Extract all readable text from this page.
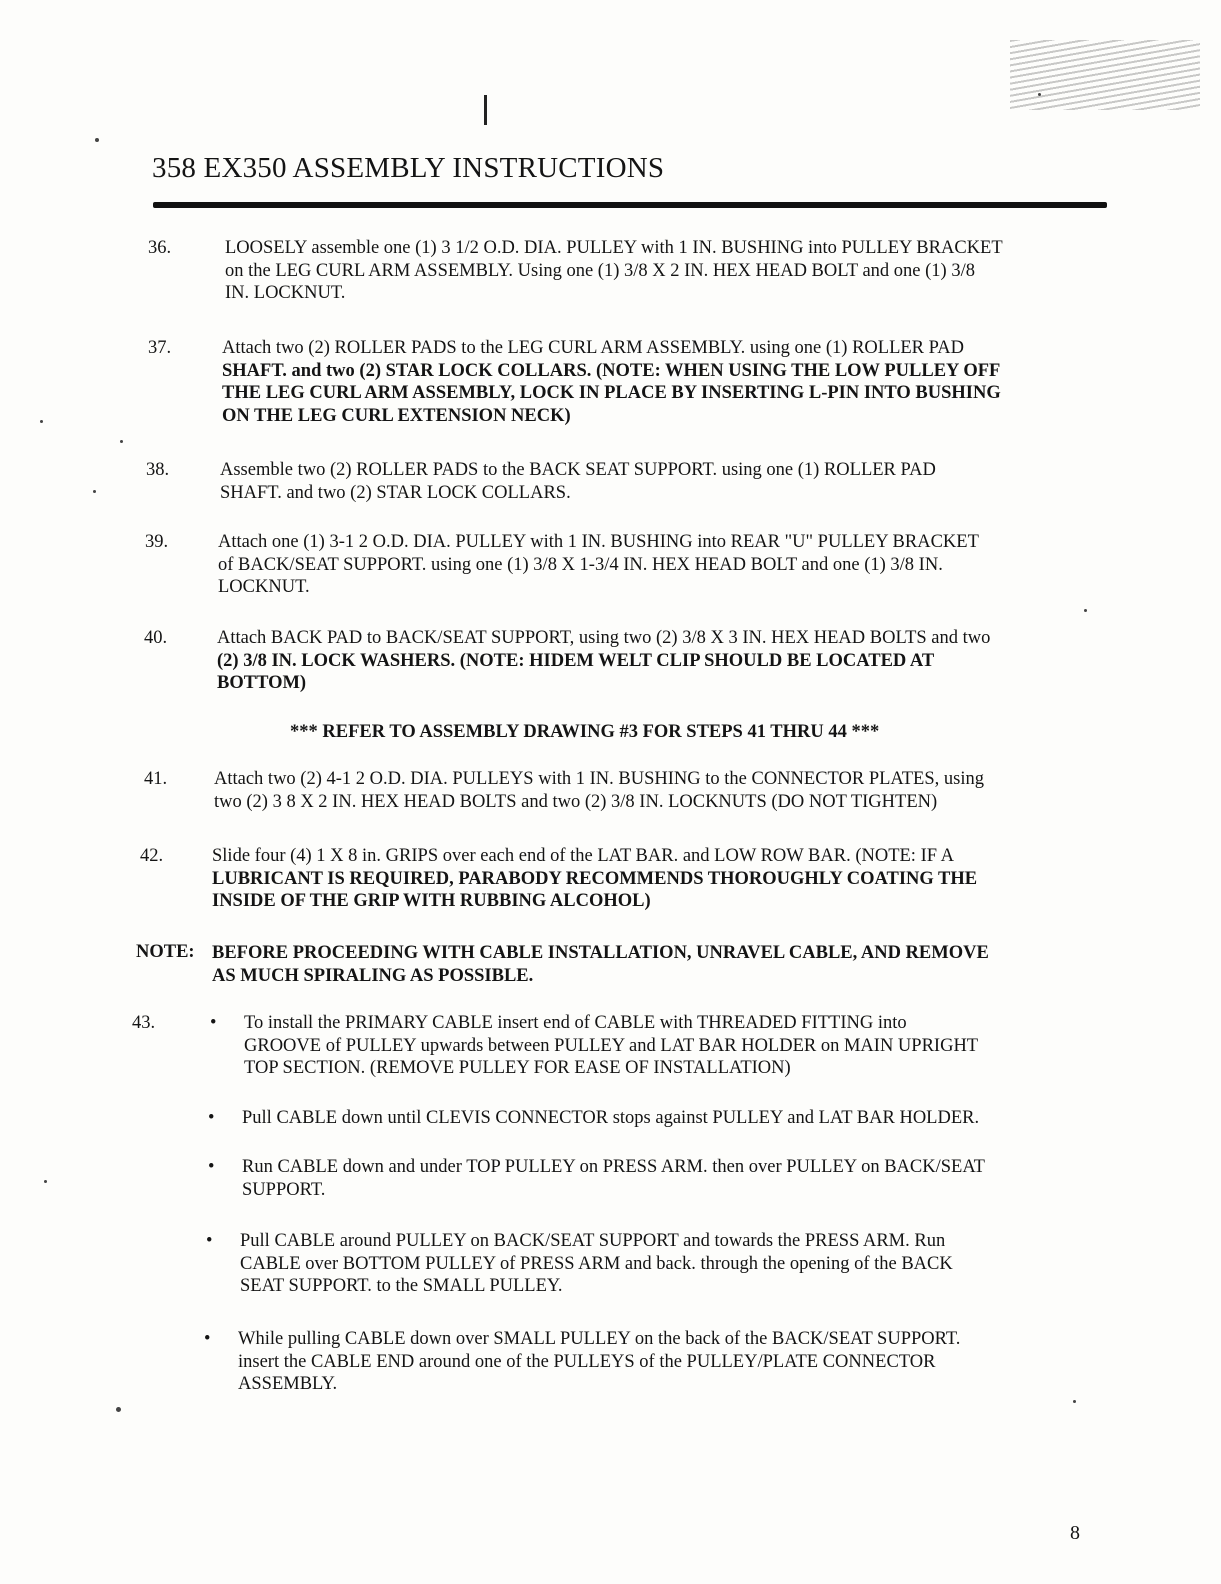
358 EX350 ASSEMBLY INSTRUCTIONS
36.	LOOSELY assemble one (1) 3 1/2 O.D. DIA. PULLEY with 1 IN. BUSHING into PULLEY BRACKET
on the LEG CURL ARM ASSEMBLY. Using one (1) 3/8 X 2 IN. HEX HEAD BOLT and one (1) 3/8
IN. LOCKNUT.
37.	Attach two (2) ROLLER PADS to the LEG CURL ARM ASSEMBLY. using one (1) ROLLER PAD
SHAFT. and two (2) STAR LOCK COLLARS. (NOTE: WHEN USING THE LOW PULLEY OFF
THE LEG CURL ARM ASSEMBLY, LOCK IN PLACE BY INSERTING L-PIN INTO BUSHING
ON THE LEG CURL EXTENSION NECK)
38.	Assemble two (2) ROLLER PADS to the BACK SEAT SUPPORT. using one (1) ROLLER PAD
SHAFT. and two (2) STAR LOCK COLLARS.
39.	Attach one (1) 3-1 2 O.D. DIA. PULLEY with 1 IN. BUSHING into REAR "U" PULLEY BRACKET
of BACK/SEAT SUPPORT. using one (1) 3/8 X 1-3/4 IN. HEX HEAD BOLT and one (1) 3/8 IN.
LOCKNUT.
40.	Attach BACK PAD to BACK/SEAT SUPPORT, using two (2) 3/8 X 3 IN. HEX HEAD BOLTS and two
(2) 3/8 IN. LOCK WASHERS. (NOTE: HIDEM WELT CLIP SHOULD BE LOCATED AT
BOTTOM)
*** REFER TO ASSEMBLY DRAWING #3 FOR STEPS 41 THRU 44 ***
41.	Attach two (2) 4-1 2 O.D. DIA. PULLEYS with 1 IN. BUSHING to the CONNECTOR PLATES, using
two (2) 3 8 X 2 IN. HEX HEAD BOLTS and two (2) 3/8 IN. LOCKNUTS (DO NOT TIGHTEN)
42.	Slide four (4) 1 X 8 in. GRIPS over each end of the LAT BAR. and LOW ROW BAR. (NOTE: IF A
LUBRICANT IS REQUIRED, PARABODY RECOMMENDS THOROUGHLY COATING THE
INSIDE OF THE GRIP WITH RUBBING ALCOHOL)
NOTE: BEFORE PROCEEDING WITH CABLE INSTALLATION, UNRAVEL CABLE, AND REMOVE
AS MUCH SPIRALING AS POSSIBLE.
43.	• To install the PRIMARY CABLE insert end of CABLE with THREADED FITTING into
GROOVE of PULLEY upwards between PULLEY and LAT BAR HOLDER on MAIN UPRIGHT
TOP SECTION. (REMOVE PULLEY FOR EASE OF INSTALLATION)
• Pull CABLE down until CLEVIS CONNECTOR stops against PULLEY and LAT BAR HOLDER.
• Run CABLE down and under TOP PULLEY on PRESS ARM. then over PULLEY on BACK/SEAT
SUPPORT.
• Pull CABLE around PULLEY on BACK/SEAT SUPPORT and towards the PRESS ARM. Run
CABLE over BOTTOM PULLEY of PRESS ARM and back. through the opening of the BACK
SEAT SUPPORT. to the SMALL PULLEY.
• While pulling CABLE down over SMALL PULLEY on the back of the BACK/SEAT SUPPORT.
insert the CABLE END around one of the PULLEYS of the PULLEY/PLATE CONNECTOR
ASSEMBLY.
8
